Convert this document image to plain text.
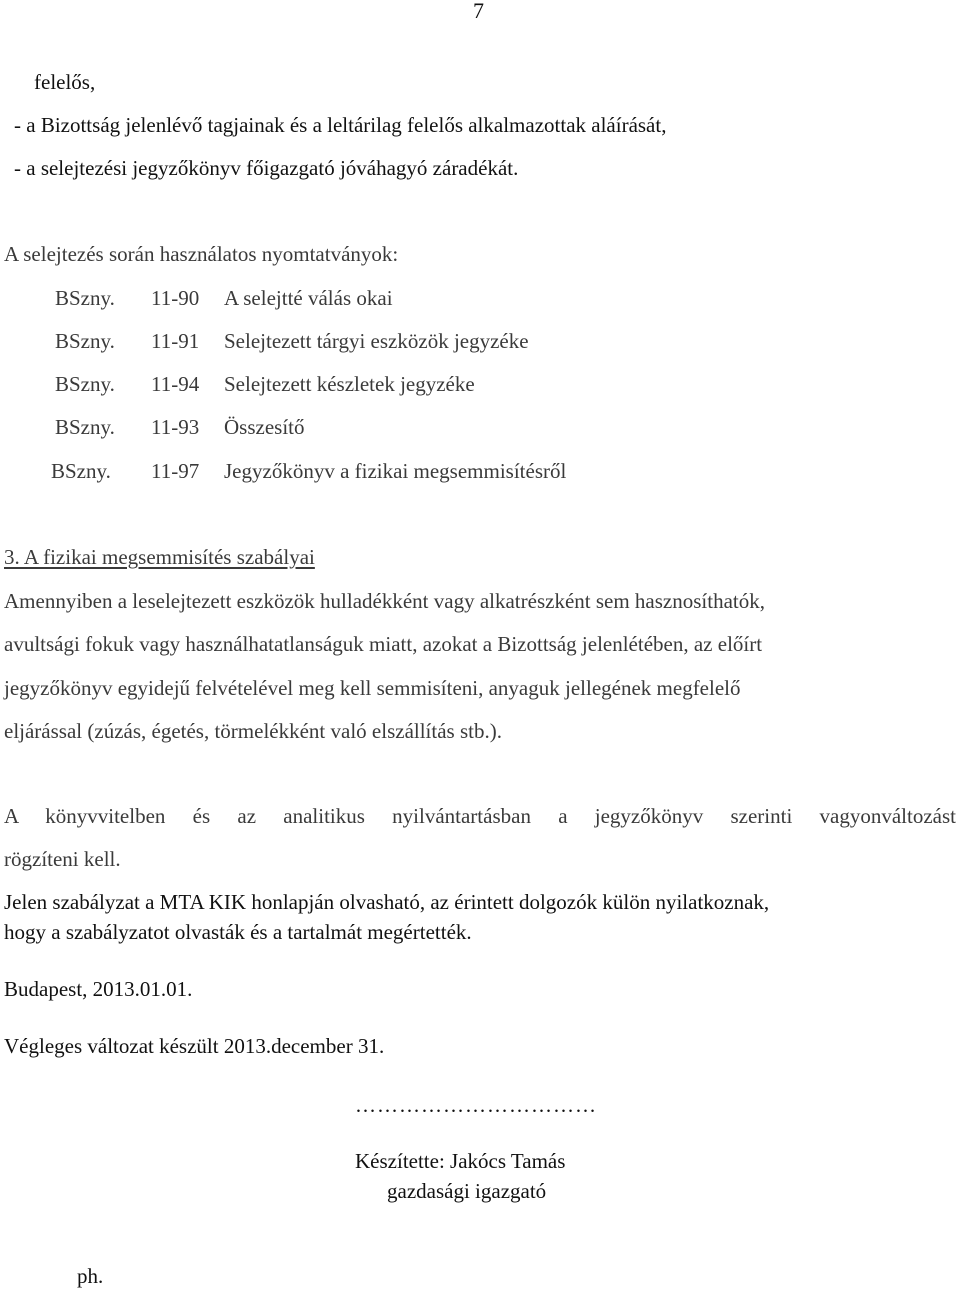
7
felelős,
- a Bizottság jelenlévő tagjainak és a leltárilag felelős alkalmazottak aláírását,
- a selejtezési jegyzőkönyv főigazgató jóváhagyó záradékát.
A selejtezés során használatos nyomtatványok:
BSzny. 11-90 A selejtté válás okai
BSzny. 11-91 Selejtezett tárgyi eszközök jegyzéke
BSzny. 11-94 Selejtezett készletek jegyzéke
BSzny. 11-93 Összesítő
BSzny. 11-97 Jegyzőkönyv a fizikai megsemmisítésről
3. A fizikai megsemmisítés szabályai
Amennyiben a leselejtezett eszközök hulladékként vagy alkatrészként sem hasznosíthatók,
avultsági fokuk vagy használhatatlanságuk miatt, azokat a Bizottság jelenlétében, az előírt
jegyzőkönyv egyidejű felvételével meg kell semmisíteni, anyaguk jellegének megfelelő
eljárással (zúzás, égetés, törmelékként való elszállítás stb.).
A könyvvitelben és az analitikus nyilvántartásban a jegyzőkönyv szerinti vagyonváltozást
rögzíteni kell.
Jelen szabályzat a MTA KIK honlapján olvasható, az érintett dolgozók külön nyilatkoznak,
hogy a szabályzatot olvasták és a tartalmát megértették.
Budapest, 2013.01.01.
Végleges változat készült 2013.december 31.
……………………………
Készítette: Jakócs Tamás
gazdasági igazgató
ph.
